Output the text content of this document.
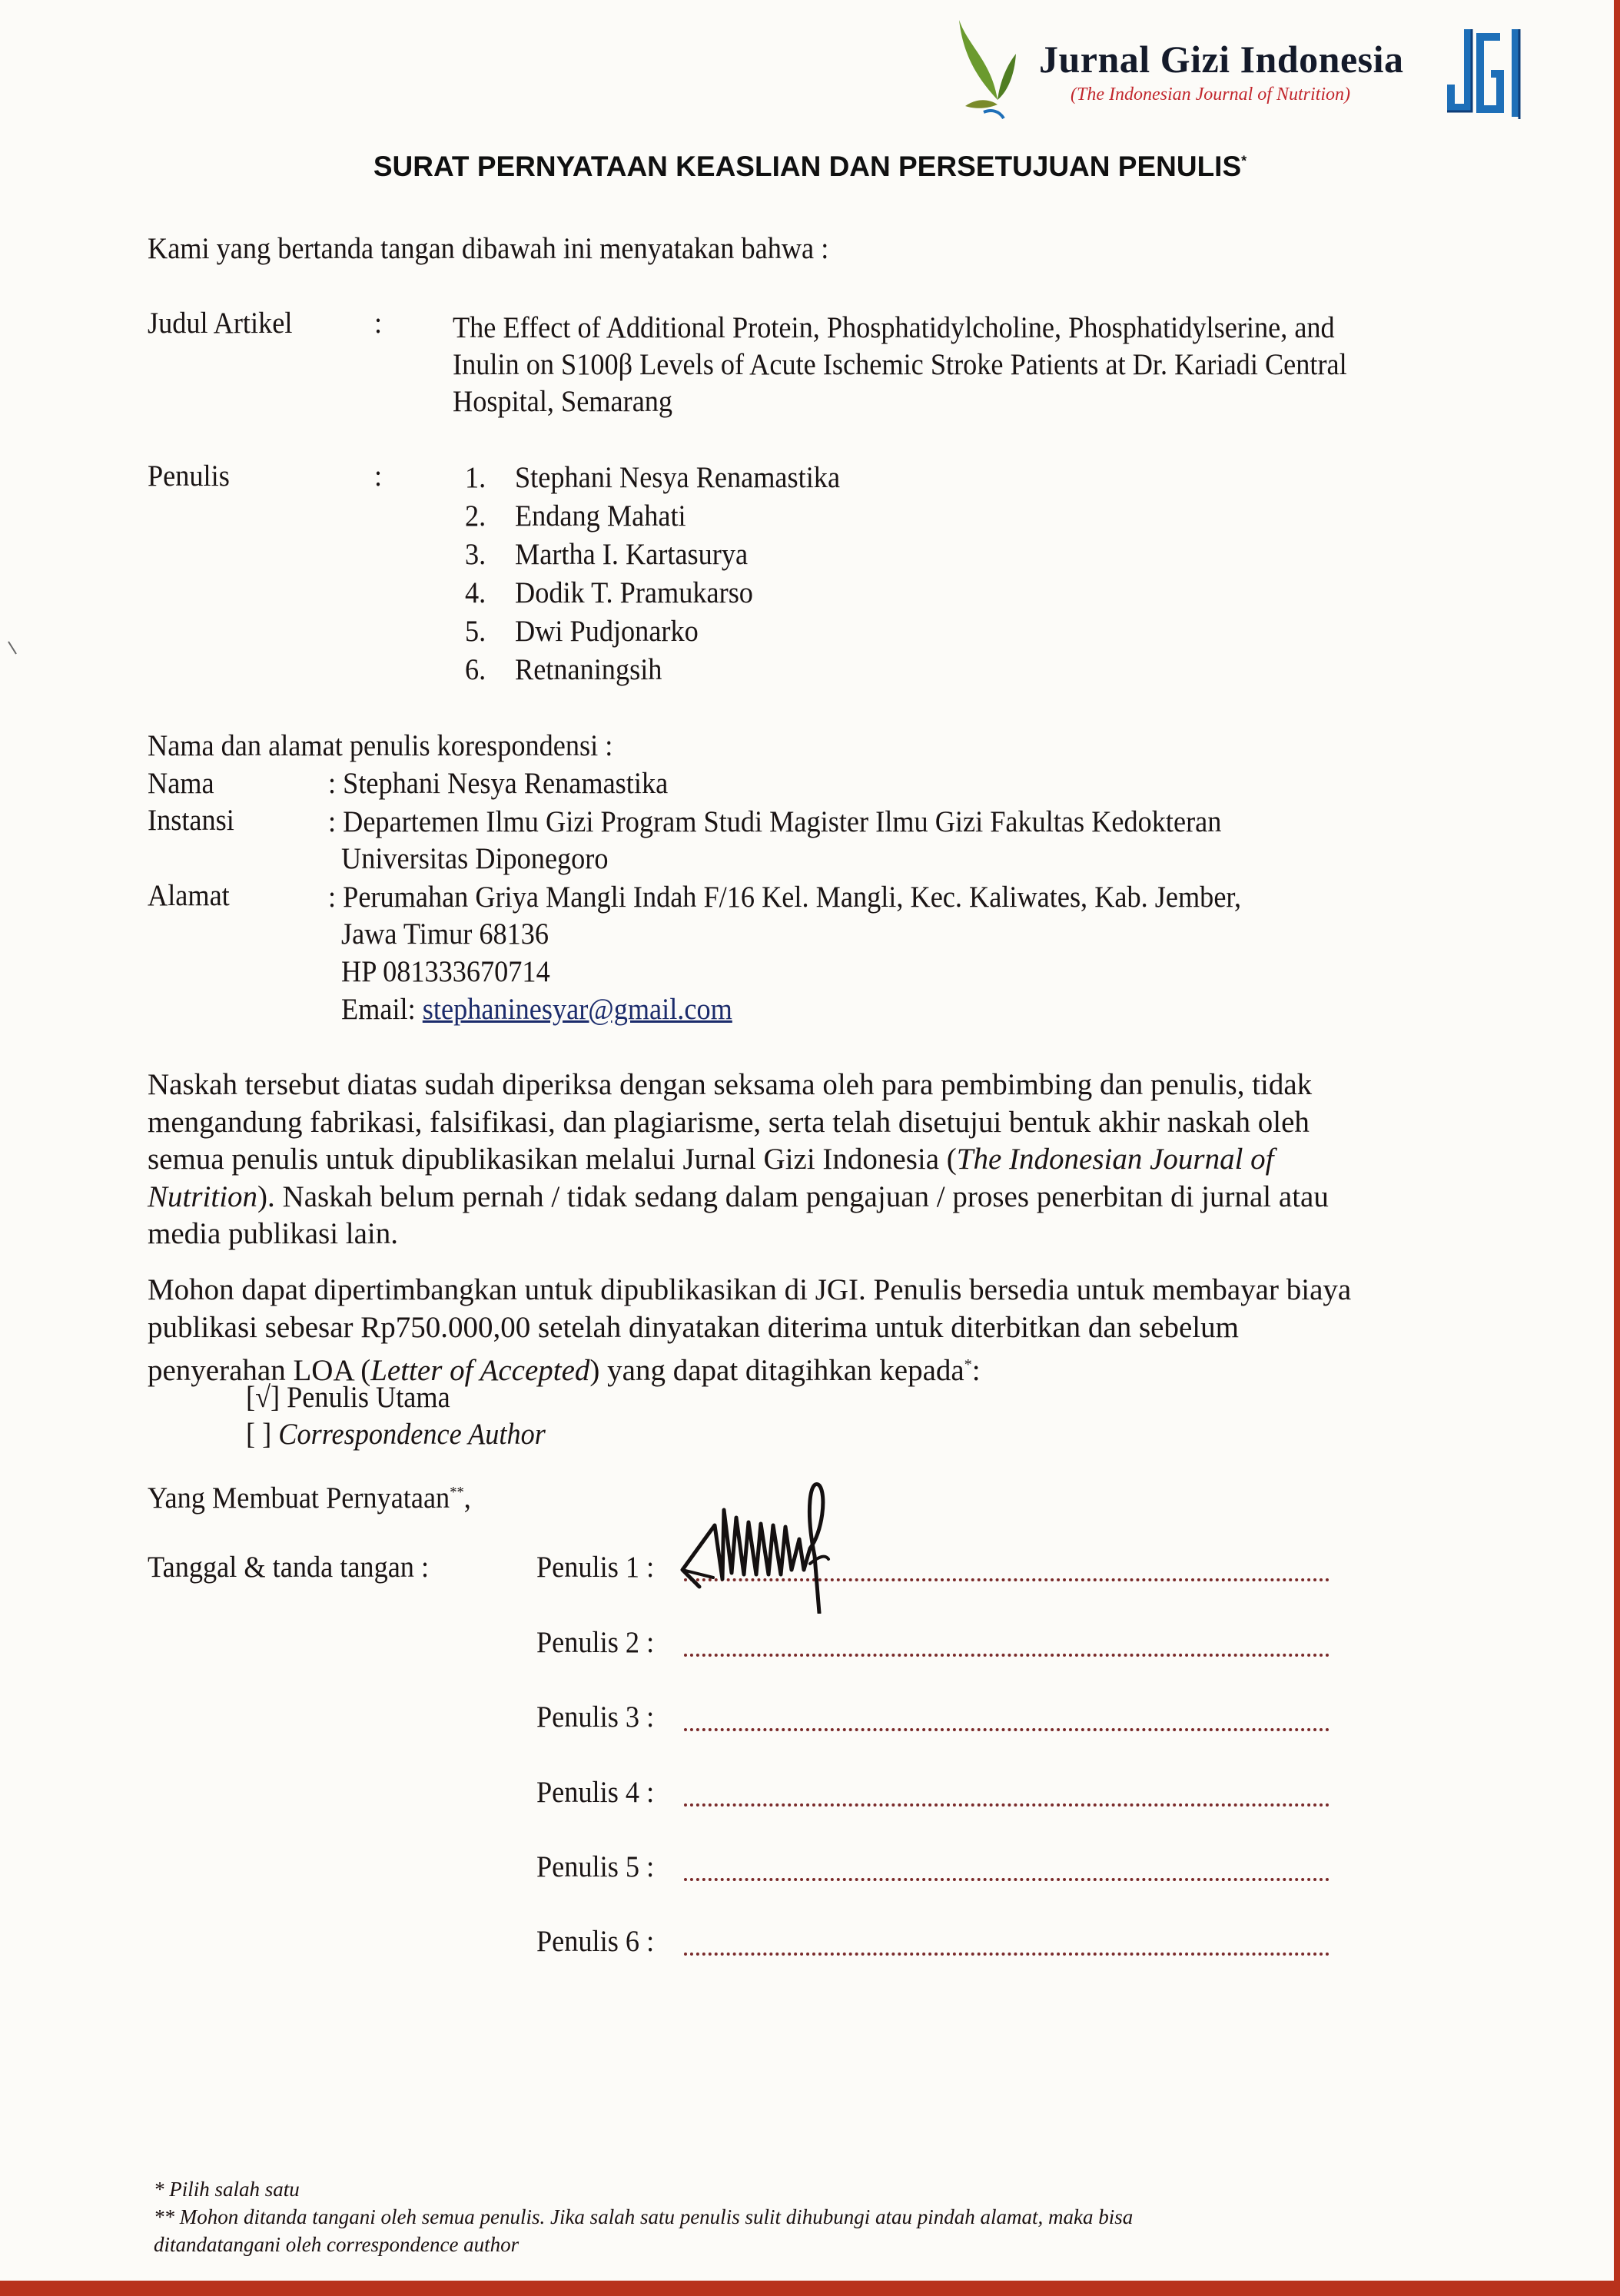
Jurnal Gizi Indonesia
(The Indonesian Journal of Nutrition)
SURAT PERNYATAAN KEASLIAN DAN PERSETUJUAN PENULIS*
Kami yang bertanda tangan dibawah ini menyatakan bahwa :
Judul Artikel	: The Effect of Additional Protein, Phosphatidylcholine, Phosphatidylserine, and
Inulin on S100β Levels of Acute Ischemic Stroke Patients at Dr. Kariadi Central
Hospital, Semarang
Penulis	:	1. Stephani Nesya Renamastika
2. Endang Mahati
3. Martha I. Kartasurya
4. Dodik T. Pramukarso
5. Dwi Pudjonarko
6. Retnaningsih
Nama dan alamat penulis korespondensi :
Nama	: Stephani Nesya Renamastika
Instansi	: Departemen Ilmu Gizi Program Studi Magister Ilmu Gizi Fakultas Kedokteran
Universitas Diponegoro
Alamat	: Perumahan Griya Mangli Indah F/16 Kel. Mangli, Kec. Kaliwates, Kab. Jember,
Jawa Timur 68136
HP 081333670714
Email: stephaninesyar@gmail.com
Naskah tersebut diatas sudah diperiksa dengan seksama oleh para pembimbing dan penulis, tidak
mengandung fabrikasi, falsifikasi, dan plagiarisme, serta telah disetujui bentuk akhir naskah oleh
semua penulis untuk dipublikasikan melalui Jurnal Gizi Indonesia (The Indonesian Journal of
Nutrition). Naskah belum pernah / tidak sedang dalam pengajuan / proses penerbitan di jurnal atau
media publikasi lain.
Mohon dapat dipertimbangkan untuk dipublikasikan di JGI. Penulis bersedia untuk membayar biaya
publikasi sebesar Rp750.000,00 setelah dinyatakan diterima untuk diterbitkan dan sebelum
penyerahan LOA (Letter of Accepted) yang dapat ditagihkan kepada*:
[√] Penulis Utama
[ ] Correspondence Author
Yang Membuat Pernyataan**,
Tanggal & tanda tangan :	Penulis 1 :
Penulis 2 :
Penulis 3 :
Penulis 4 :
Penulis 5 :
Penulis 6 :
* Pilih salah satu
** Mohon ditanda tangani oleh semua penulis. Jika salah satu penulis sulit dihubungi atau pindah alamat, maka bisa
ditandatangani oleh correspondence author
